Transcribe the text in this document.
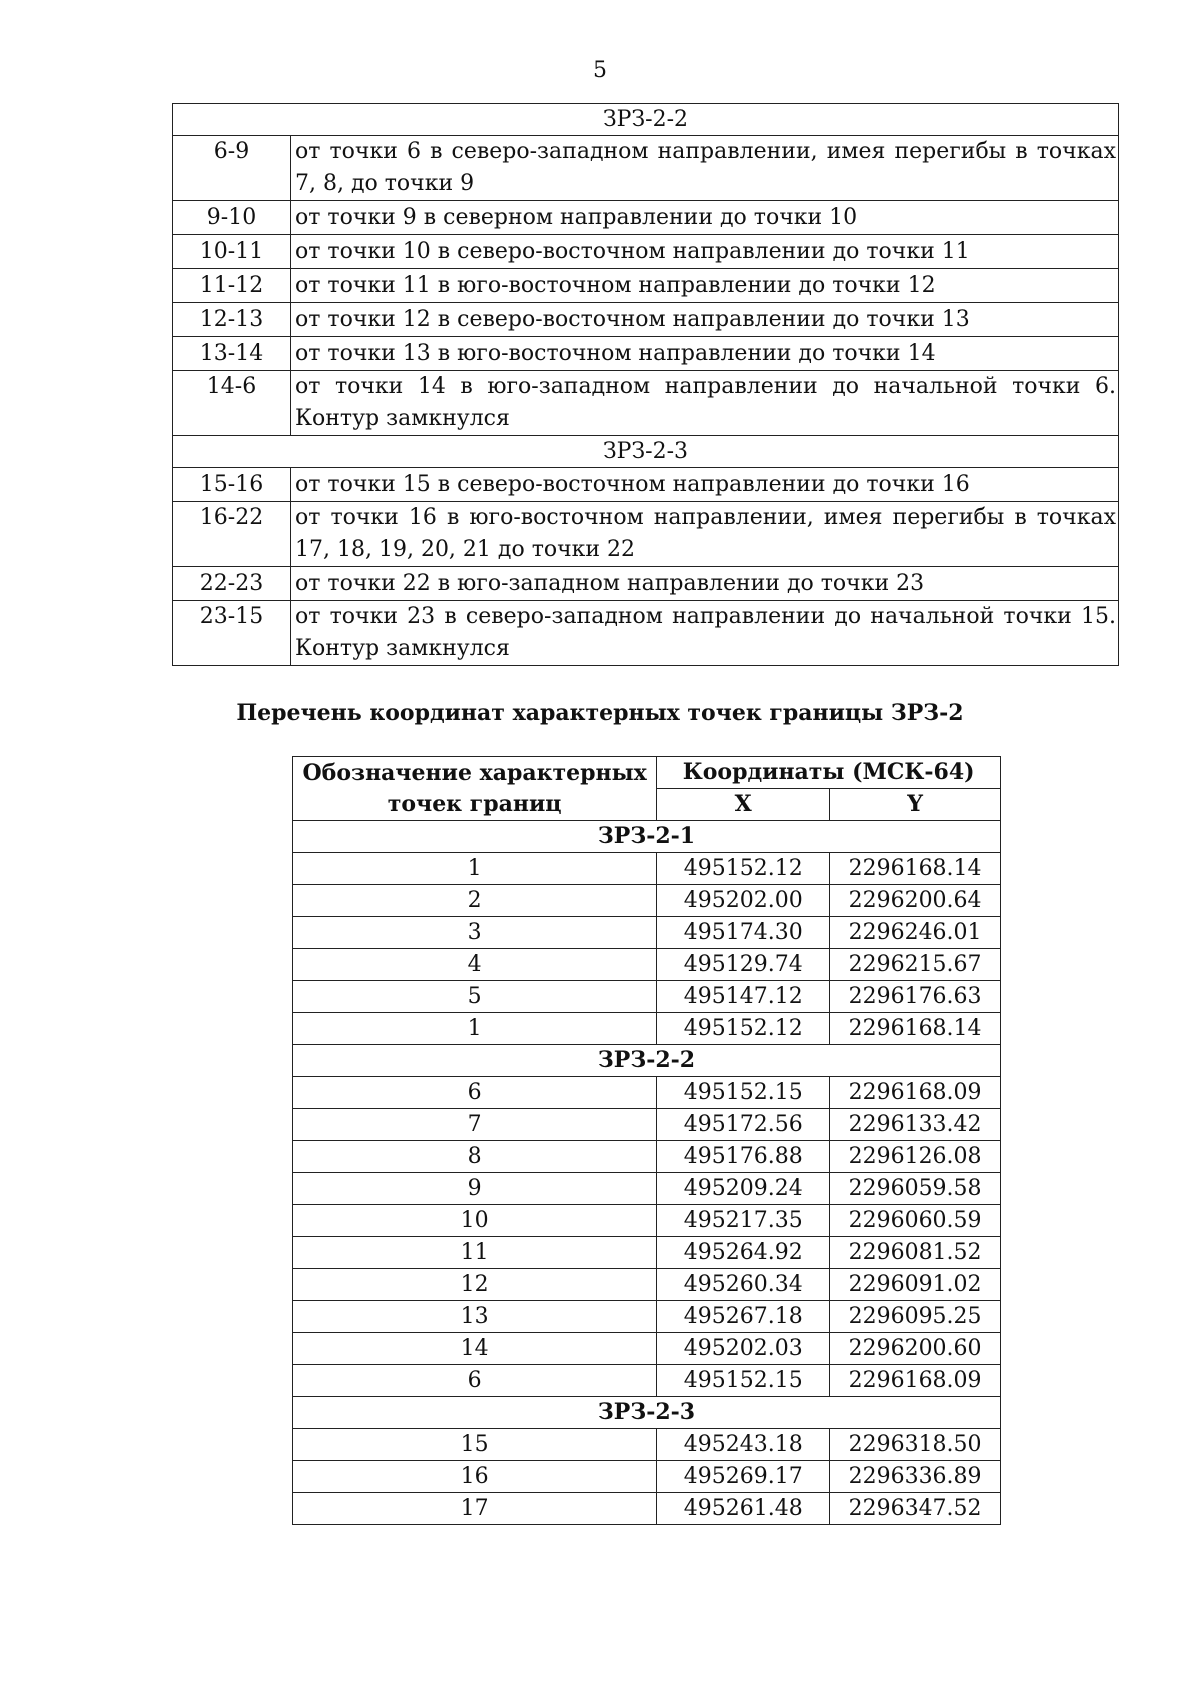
5
ЗРЗ-2-2	
6-9	от точки 6 в северо-западном направлении, имея перегибы в точках 7, 8, до точки 9
9-10	от точки 9 в северном направлении до точки 10
10-11	от точки 10 в северо-восточном направлении до точки 11
11-12	от точки 11 в юго-восточном направлении до точки 12
12-13	от точки 12 в северо-восточном направлении до точки 13
13-14	от точки 13 в юго-восточном направлении до точки 14
14-6	от точки 14 в юго-западном направлении до начальной точки 6. Контур замкнулся
ЗРЗ-2-3	
15-16	от точки 15 в северо-восточном направлении до точки 16
16-22	от точки 16 в юго-восточном направлении, имея перегибы в точках 17, 18, 19, 20, 21 до точки 22
22-23	от точки 22 в юго-западном направлении до точки 23
23-15	от точки 23 в северо-западном направлении до начальной точки 15. Контур замкнулся
Перечень координат характерных точек границы ЗРЗ-2
Обозначение характерных точек границ	Координаты (МСК-64)	
	X	Y
ЗРЗ-2-1		
1	495152.12	2296168.14
2	495202.00	2296200.64
3	495174.30	2296246.01
4	495129.74	2296215.67
5	495147.12	2296176.63
1	495152.12	2296168.14
ЗРЗ-2-2		
6	495152.15	2296168.09
7	495172.56	2296133.42
8	495176.88	2296126.08
9	495209.24	2296059.58
10	495217.35	2296060.59
11	495264.92	2296081.52
12	495260.34	2296091.02
13	495267.18	2296095.25
14	495202.03	2296200.60
6	495152.15	2296168.09
ЗРЗ-2-3		
15	495243.18	2296318.50
16	495269.17	2296336.89
17	495261.48	2296347.52
